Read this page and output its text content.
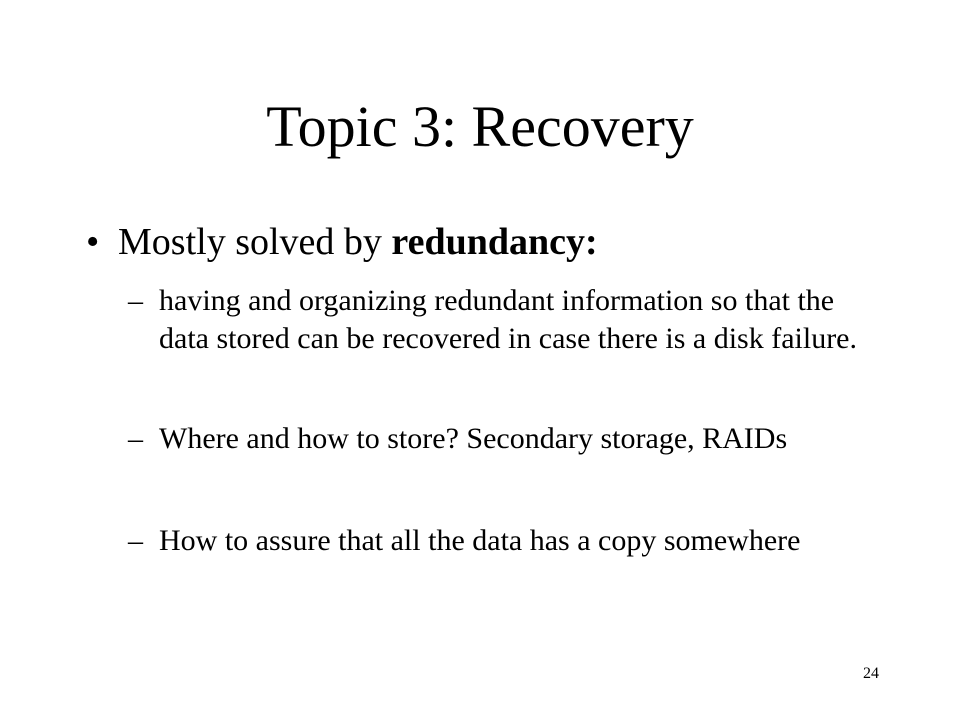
Topic 3: Recovery
• Mostly solved by redundancy:
– having and organizing redundant information so that the data stored can be recovered in case there is a disk failure.
– Where and how to store? Secondary storage, RAIDs
– How to assure that all the data has a copy somewhere
24
